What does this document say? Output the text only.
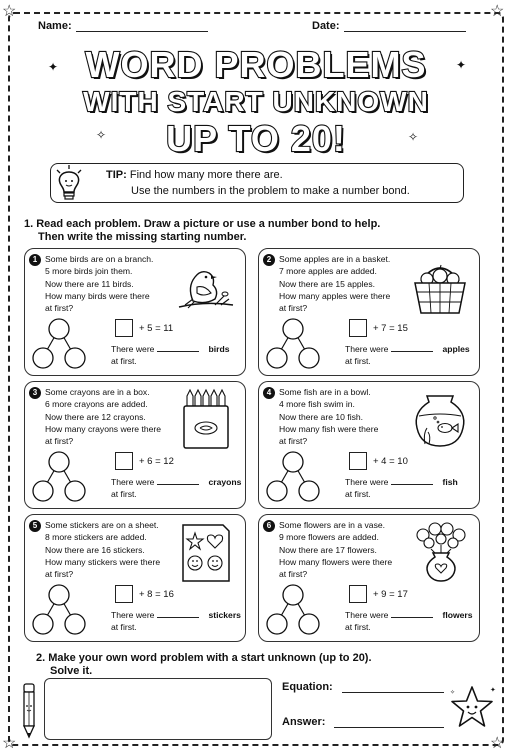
☆	☆
☆	☆
Name:	Date:
WORD PROBLEMS
WITH START UNKNOWN
UP TO 20!
✦	✦
✧	✧
TIP: Find how many more there are.
Use the numbers in the problem to make a number bond.
1. Read each problem. Draw a picture or use a number bond to help.
Then write the missing starting number.
1 Some birds are on a branch.
5 more birds join them.
Now there are 11 birds.
How many birds were there
at first?
+ 5 = 11
There were	birds
at first.
2 Some apples are in a basket.
7 more apples are added.
Now there are 15 apples.
How many apples were there
at first?
+ 7 = 15
There were	apples
at first.
3 Some crayons are in a box.
6 more crayons are added.
Now there are 12 crayons.
How many crayons were there
at first?
+ 6 = 12
There were	crayons
at first.
4 Some fish are in a bowl.
4 more fish swim in.
Now there are 10 fish.
How many fish were there
at first?
+ 4 = 10
There were	fish
at first.
5 Some stickers are on a sheet.
8 more stickers are added.
Now there are 16 stickers.
How many stickers were there
at first?
+ 8 = 16
There were	stickers
at first.
6 Some flowers are in a vase.
9 more flowers are added.
Now there are 17 flowers.
How many flowers were there
at first?
+ 9 = 17
There were	flowers
at first.
2. Make your own word problem with a start unknown (up to 20).
Solve it.
Equation:
Answer:
✦
✧
